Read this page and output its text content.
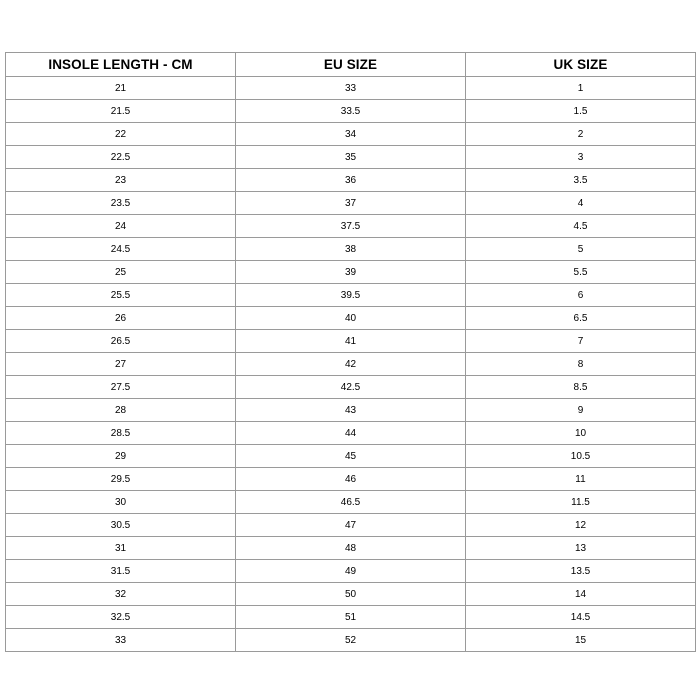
INSOLE LENGTH - CM	EU SIZE	UK SIZE
21	33	1
21.5	33.5	1.5
22	34	2
22.5	35	3
23	36	3.5
23.5	37	4
24	37.5	4.5
24.5	38	5
25	39	5.5
25.5	39.5	6
26	40	6.5
26.5	41	7
27	42	8
27.5	42.5	8.5
28	43	9
28.5	44	10
29	45	10.5
29.5	46	11
30	46.5	11.5
30.5	47	12
31	48	13
31.5	49	13.5
32	50	14
32.5	51	14.5
33	52	15
